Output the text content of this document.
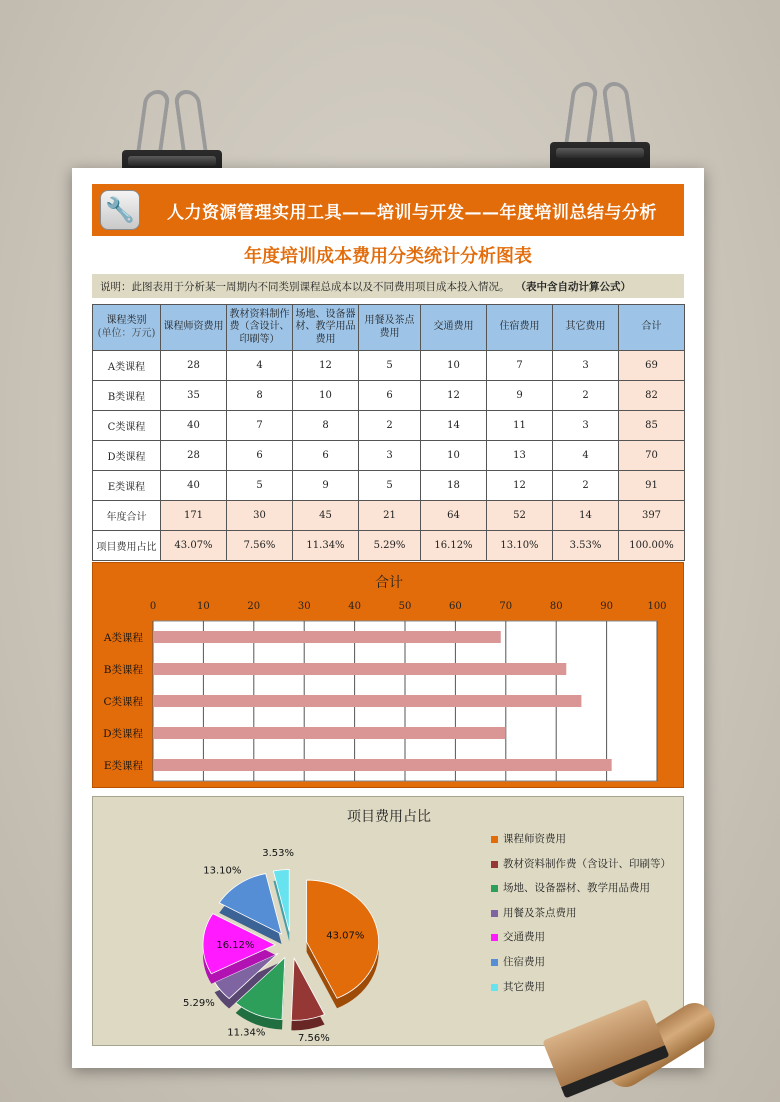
🔧	人力资源管理实用工具——培训与开发——年度培训总结与分析
年度培训成本费用分类统计分析图表
说明：此图表用于分析某一周期内不同类别课程总成本以及不同费用项目成本投入情况。 （表中含自动计算公式）
课程类别
(单位：万元)	课程师资费用	教材资料制作费（含设计、印刷等）	场地、设备器材、教学用品费用	用餐及茶点费用	交通费用	住宿费用	其它费用	合计
A类课程	28	4	12	5	10	7	3	69
B类课程	35	8	10	6	12	9	2	82
C类课程	40	7	8	2	14	11	3	85
D类课程	28	6	6	3	10	13	4	70
E类课程	40	5	9	5	18	12	2	91
年度合计	171	30	45	21	64	52	14	397
项目费用占比	43.07%	7.56%	11.34%	5.29%	16.12%	13.10%	3.53%	100.00%
合计
0	10	20	30	40	50	60	70	80	90	100
A类课程
B类课程
C类课程
D类课程
E类课程
项目费用占比
43.07%
7.56%
11.34%
5.29%
16.12%
13.10%
3.53%
课程师资费用
教材资料制作费（含设计、印刷等）
场地、设备器材、教学用品费用
用餐及茶点费用
交通费用
住宿费用
其它费用
